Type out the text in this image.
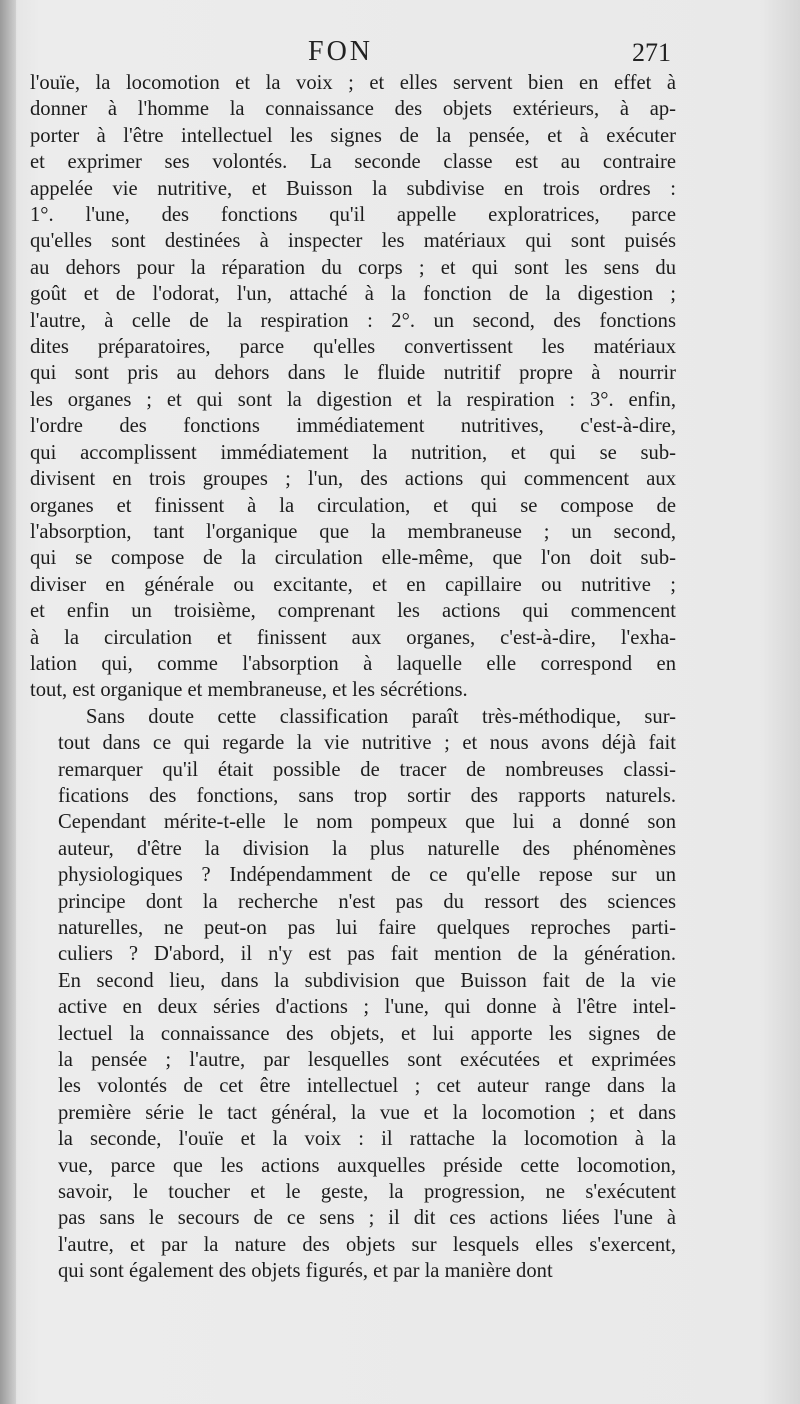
FON	271

l'ouïe, la locomotion et la voix ; et elles servent bien en effet à
donner à l'homme la connaissance des objets extérieurs, à ap-
porter à l'être intellectuel les signes de la pensée, et à exécuter
et exprimer ses volontés. La seconde classe est au contraire
appelée vie nutritive, et Buisson la subdivise en trois ordres :
1°. l'une, des fonctions qu'il appelle exploratrices, parce
qu'elles sont destinées à inspecter les matériaux qui sont puisés
au dehors pour la réparation du corps ; et qui sont les sens du
goût et de l'odorat, l'un, attaché à la fonction de la digestion ;
l'autre, à celle de la respiration : 2°. un second, des fonctions
dites préparatoires, parce qu'elles convertissent les matériaux
qui sont pris au dehors dans le fluide nutritif propre à nourrir
les organes ; et qui sont la digestion et la respiration : 3°. enfin,
l'ordre des fonctions immédiatement nutritives, c'est-à-dire,
qui accomplissent immédiatement la nutrition, et qui se sub-
divisent en trois groupes ; l'un, des actions qui commencent aux
organes et finissent à la circulation, et qui se compose de
l'absorption, tant l'organique que la membraneuse ; un second,
qui se compose de la circulation elle-même, que l'on doit sub-
diviser en générale ou excitante, et en capillaire ou nutritive ;
et enfin un troisième, comprenant les actions qui commencent
à la circulation et finissent aux organes, c'est-à-dire, l'exha-
lation qui, comme l'absorption à laquelle elle correspond en
tout, est organique et membraneuse, et les sécrétions.

Sans doute cette classification paraît très-méthodique, sur-
tout dans ce qui regarde la vie nutritive ; et nous avons déjà fait
remarquer qu'il était possible de tracer de nombreuses classi-
fications des fonctions, sans trop sortir des rapports naturels.
Cependant mérite-t-elle le nom pompeux que lui a donné son
auteur, d'être la division la plus naturelle des phénomènes
physiologiques ? Indépendamment de ce qu'elle repose sur un
principe dont la recherche n'est pas du ressort des sciences
naturelles, ne peut-on pas lui faire quelques reproches parti-
culiers ? D'abord, il n'y est pas fait mention de la génération.
En second lieu, dans la subdivision que Buisson fait de la vie
active en deux séries d'actions ; l'une, qui donne à l'être intel-
lectuel la connaissance des objets, et lui apporte les signes de
la pensée ; l'autre, par lesquelles sont exécutées et exprimées
les volontés de cet être intellectuel ; cet auteur range dans la
première série le tact général, la vue et la locomotion ; et dans
la seconde, l'ouïe et la voix : il rattache la locomotion à la
vue, parce que les actions auxquelles préside cette locomotion,
savoir, le toucher et le geste, la progression, ne s'exécutent
pas sans le secours de ce sens ; il dit ces actions liées l'une à
l'autre, et par la nature des objets sur lesquels elles s'exercent,
qui sont également des objets figurés, et par la manière dont
